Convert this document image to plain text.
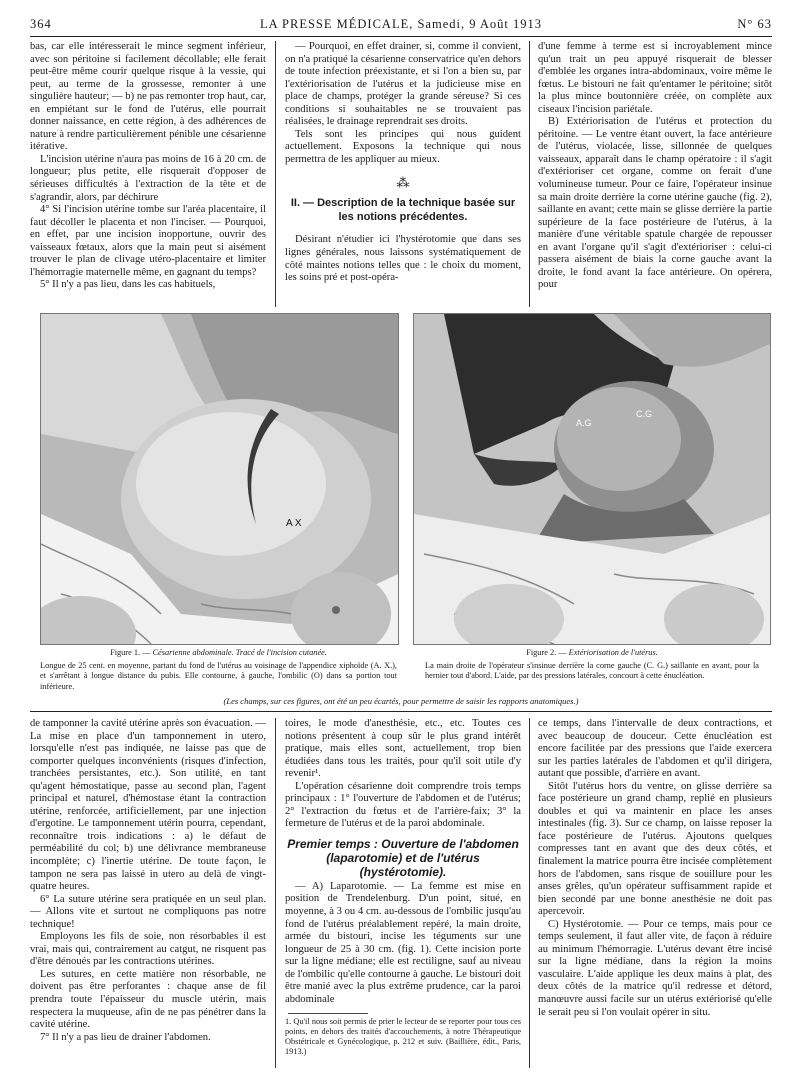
364	LA PRESSE MÉDICALE, Samedi, 9 Août 1913	N° 63

bas, car elle intéresserait le mince segment inférieur, avec son péritoine si facilement décollable; elle ferait peut-être même courir quelque risque à la vessie, qui peut, au terme de la grossesse, remonter à une singulière hauteur; — b) ne pas remonter trop haut, car, en empiétant sur le fond de l'utérus, elle pourrait donner naissance, en cette région, à des adhérences de nature à rendre particulièrement pénible une césarienne itérative.

L'incision utérine n'aura pas moins de 16 à 20 cm. de longueur; plus petite, elle risquerait d'opposer de sérieuses difficultés à l'extraction de la tête et de s'agrandir, alors, par déchirure

4° Si l'incision utérine tombe sur l'aréa placentaire, il faut décoller le placenta et non l'inciser. — Pourquoi, en effet, par une incision inopportune, ouvrir des vaisseaux fœtaux, alors que la main peut si aisément trouver le plan de clivage utéro-placentaire et limiter l'hémorragie maternelle même, en gagnant du temps?

5° Il n'y a pas lieu, dans les cas habituels,

— Pourquoi, en effet drainer, si, comme il convient, on n'a pratiqué la césarienne conservatrice qu'en dehors de toute infection préexistante, et si l'on a bien su, par l'extériorisation de l'utérus et la judicieuse mise en place de champs, protéger la grande séreuse? Si ces conditions si souhaitables ne se trouvaient pas réalisées, le drainage reprendrait ses droits.

Tels sont les principes qui nous guident actuellement. Exposons la technique qui nous permettra de les appliquer au mieux.

⁂
II. — Description de la technique basée sur les notions précédentes.

Désirant n'étudier ici l'hystérotomie que dans ses lignes générales, nous laissons systématiquement de côté maintes notions telles que : le choix du moment, les soins pré et post-opéra-

d'une femme à terme est si incroyablement mince qu'un trait un peu appuyé risquerait de blesser d'emblée les organes intra-abdominaux, voire même le fœtus. Le bistouri ne fait qu'entamer le péritoine; sitôt la plus mince boutonnière créée, on complète aux ciseaux l'incision pariétale.

B) Extériorisation de l'utérus et protection du péritoine. — Le ventre étant ouvert, la face antérieure de l'utérus, violacée, lisse, sillonnée de quelques vaisseaux, apparaît dans le champ opératoire : il s'agit d'extérioriser cet organe, comme on ferait d'une volumineuse tumeur. Pour ce faire, l'opérateur insinue sa main droite derrière la corne utérine gauche (fig. 2), saillante en avant; cette main se glisse derrière la partie supérieure de la face postérieure de l'utérus, à la manière d'une véritable spatule chargée de repousser en avant l'organe qu'il s'agit d'extérioriser : celui-ci passera aisément de biais la corne gauche avant la droite, le fond avant la face antérieure. On opérera, pour

A X
A.G
C.G
Figure 1. — Césarienne abdominale. Tracé de l'incision cutanée.
Longue de 25 cent. en moyenne, partant du fond de l'utérus au voisinage de l'appendice xiphoïde (A. X.), et s'arrêtant à longue distance du pubis. Elle contourne, à gauche, l'ombilic (O) dans sa portion tout inférieure.
Figure 2. — Extériorisation de l'utérus.
La main droite de l'opérateur s'insinue derrière la corne gauche (C. G.) saillante en avant, pour la hernier tout d'abord. L'aide, par des pressions latérales, concourt à cette énucléation.
(Les champs, sur ces figures, ont été un peu écartés, pour permettre de saisir les rapports anatomiques.)

de tamponner la cavité utérine après son évacuation. — La mise en place d'un tamponnement in utero, lorsqu'elle n'est pas indiquée, ne laisse pas que de comporter quelques inconvénients (risques d'infection, tranchées persistantes, etc.). Son utilité, en tant qu'agent hémostatique, passe au second plan, l'agent principal et naturel, d'hémostase étant la contraction utérine, renforcée, artificiellement, par une injection d'ergotine. Le tamponnement utérin pourra, cependant, reconnaître trois indications : a) le défaut de perméabilité du col; b) une délivrance membraneuse incomplète; c) l'inertie utérine. De toute façon, le tampon ne sera pas laissé in utero au delà de vingt-quatre heures.

6° La suture utérine sera pratiquée en un seul plan. — Allons vite et surtout ne compliquons pas notre technique!

Employons les fils de soie, non résorbables il est vrai, mais qui, contrairement au catgut, ne risquent pas d'être dénoués par les contractions utérines.

Les sutures, en cette matière non résorbable, ne doivent pas être perforantes : chaque anse de fil prendra toute l'épaisseur du muscle utérin, mais respectera la muqueuse, afin de ne pas pénétrer dans la cavité utérine.

7° Il n'y a pas lieu de drainer l'abdomen.

toires, le mode d'anesthésie, etc., etc. Toutes ces notions présentent à coup sûr le plus grand intérêt pratique, mais elles sont, actuellement, trop bien étudiées dans tous les traités, pour qu'il soit utile d'y revenir¹.

L'opération césarienne doit comprendre trois temps principaux : 1° l'ouverture de l'abdomen et de l'utérus; 2° l'extraction du fœtus et de l'arrière-faix; 3° la fermeture de l'utérus et de la paroi abdominale.

Premier temps : Ouverture de l'abdomen (laparotomie) et de l'utérus (hystérotomie).

— A) Laparotomie. — La femme est mise en position de Trendelenburg. D'un point, situé, en moyenne, à 3 ou 4 cm. au-dessous de l'ombilic jusqu'au fond de l'utérus préalablement repéré, la main droite, armée du bistouri, incise les téguments sur une longueur de 25 à 30 cm. (fig. 1). Cette incision porte sur la ligne médiane; elle est rectiligne, sauf au niveau de l'ombilic qu'elle contourne à gauche. Le bistouri doit être manié avec la plus extrême prudence, car la paroi abdominale

1. Qu'il nous soit permis de prier le lecteur de se reporter pour tous ces points, en dehors des traités d'accouchements, à notre Thérapeutique Obstétricale et Gynécologique, p. 212 et suiv. (Baillière, édit., Paris, 1913.)

ce temps, dans l'intervalle de deux contractions, et avec beaucoup de douceur. Cette énucléation est encore facilitée par des pressions que l'aide exercera sur les parties latérales de l'abdomen et qu'il dirigera, autant que possible, d'arrière en avant.

Sitôt l'utérus hors du ventre, on glisse derrière sa face postérieure un grand champ, replié en plusieurs doubles et qui va maintenir en place les anses intestinales (fig. 3). Sur ce champ, on laisse reposer la face postérieure de l'utérus. Ajoutons quelques compresses tant en avant que des deux côtés, et finalement la matrice pourra être incisée complètement hors de l'abdomen, sans risque de souillure pour les anses grêles, qu'un opérateur suffisamment rapide et bien secondé par une bonne anesthésie ne doit pas apercevoir.

C) Hystérotomie. — Pour ce temps, mais pour ce temps seulement, il faut aller vite, de façon à réduire au minimum l'hémorragie. L'utérus devant être incisé sur la ligne médiane, dans la région la moins vasculaire. L'aide applique les deux mains à plat, des deux côtés de la matrice qu'il redresse et détord, manœuvre aussi facile sur un utérus extériorisé qu'elle le serait peu si l'on voulait opérer in situ.
